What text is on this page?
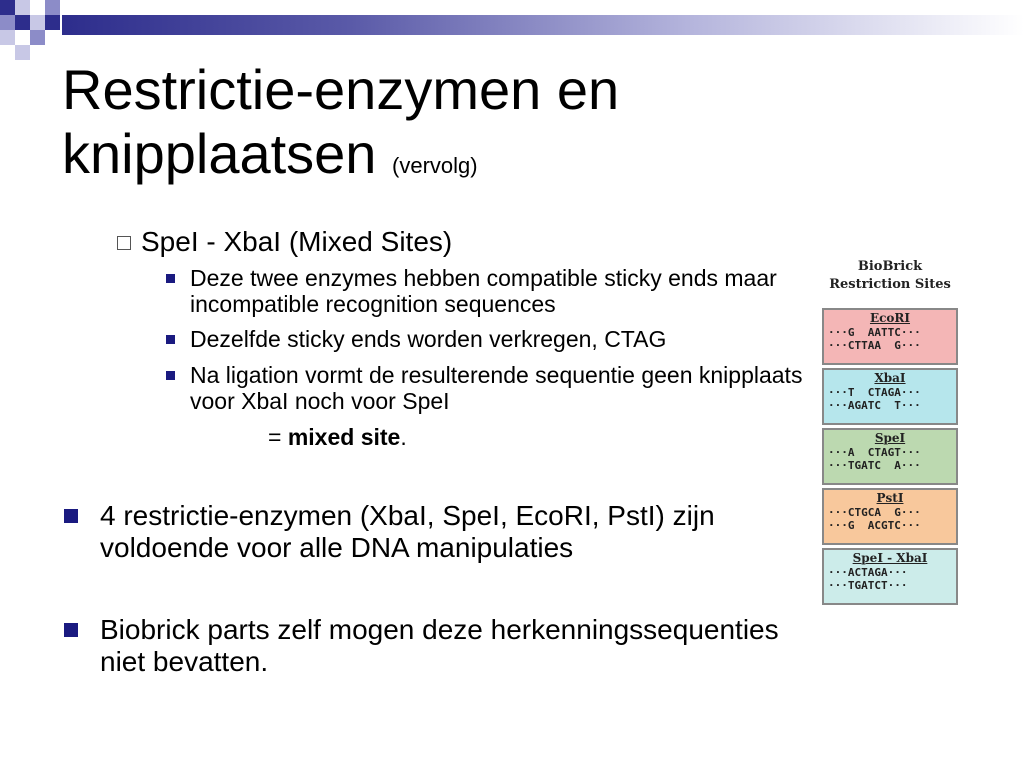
Restrictie-enzymen en knipplaatsen (vervolg)
SpeI - XbaI (Mixed Sites)
Deze twee enzymes hebben compatible sticky ends maar incompatible recognition sequences
Dezelfde sticky ends worden verkregen, CTAG
Na ligation vormt de resulterende sequentie geen knipplaats voor XbaI noch voor SpeI
= mixed site.
4 restrictie-enzymen (XbaI, SpeI, EcoRI, PstI) zijn voldoende voor alle DNA manipulaties
Biobrick parts zelf mogen deze herkenningssequenties niet bevatten.
BioBrick
Restriction Sites
EcoRI
···G  AATTC···
···CTTAA  G···
XbaI
···T  CTAGA···
···AGATC  T···
SpeI
···A  CTAGT···
···TGATC  A···
PstI
···CTGCA  G···
···G  ACGTC···
SpeI - XbaI
···ACTAGA···
···TGATCT···
